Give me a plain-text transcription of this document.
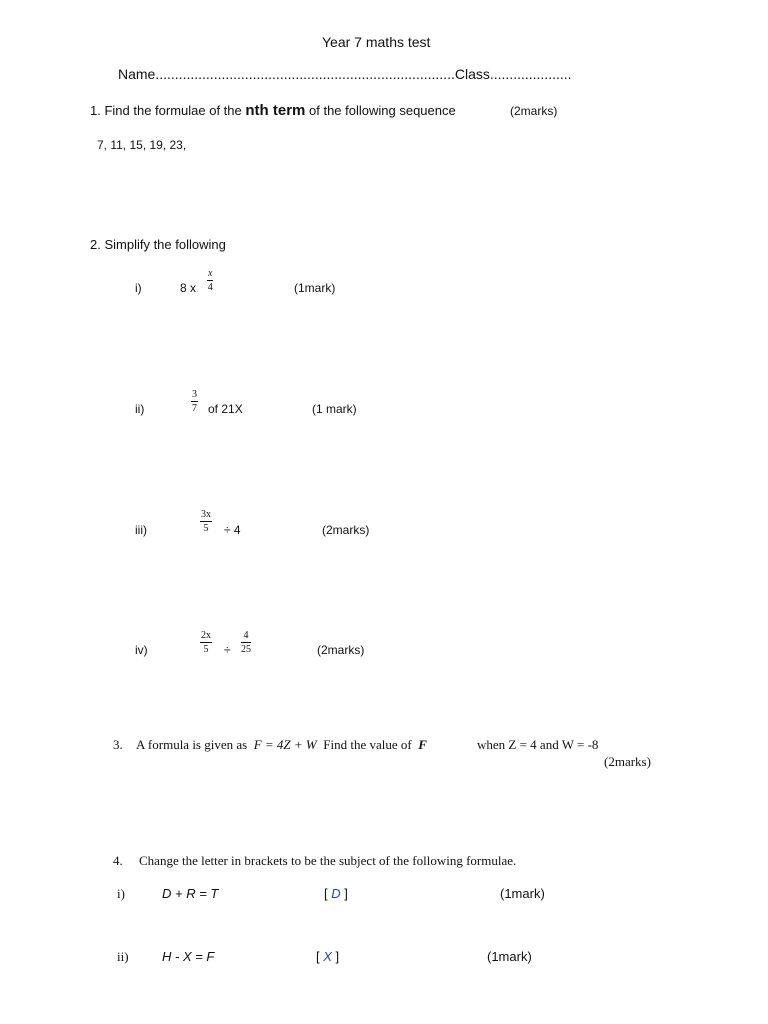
Year 7 maths test
Name.............................................................................Class.....................
1. Find the formulae of the nth term of the following sequence	(2marks)
7, 11, 15, 19, 23,
2. Simplify the following
i)	8 x
x
4	(1mark)
ii)
3
7 of 21X	(1 mark)
iii)
3x
5 ÷ 4	(2marks)
iv)
2x
5 ÷
4
25	(2marks)
3. A formula is given as F = 4Z + W Find the value of F	when Z = 4 and W = -8
(2marks)
4. Change the letter in brackets to be the subject of the following formulae.
i)	D + R = T	[ D ]	(1mark)
ii)	H - X = F	[ X ]	(1mark)
